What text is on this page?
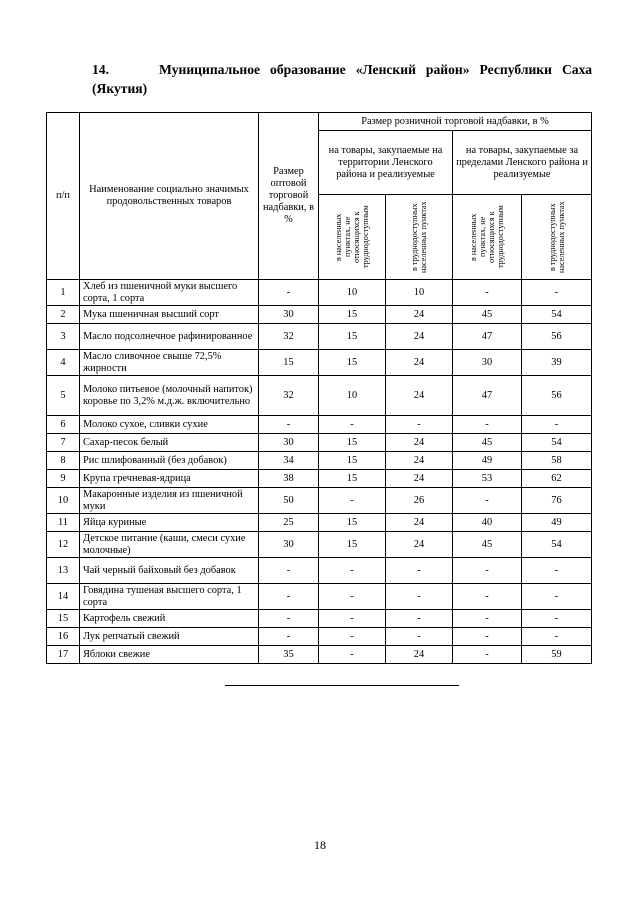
14.	Муниципальное образование «Ленский район» Республики Саха
(Якутия)
п/п	Наименование социально значимых продовольственных товаров	Размер оптовой торговой надбавки, в %	Размер розничной торговой надбавки, в %			
			на товары, закупаемые на территории Ленского района и реализуемые		на товары, закупаемые за пределами Ленского района и реализуемые	

			в населенных пунктах, не относящихся к труднодоступным	в труднодоступных населенных пунктах	в населенных пунктах, не относящихся к труднодоступным	в труднодоступных населенных пунктах

1	Хлеб из пшеничной муки высшего сорта, 1 сорта	-	10	10	-	-
2	Мука пшеничная высший сорт	30	15	24	45	54
3	Масло подсолнечное рафинированное	32	15	24	47	56
4	Масло сливочное свыше 72,5% жирности	15	15	24	30	39
5	Молоко питьевое (молочный напиток) коровье по 3,2% м.д.ж. включительно	32	10	24	47	56
6	Молоко сухое, сливки сухие	-	-	-	-	-
7	Сахар-песок белый	30	15	24	45	54
8	Рис шлифованный (без добавок)	34	15	24	49	58
9	Крупа гречневая-ядрица	38	15	24	53	62
10	Макаронные изделия из пшеничной муки	50	-	26	-	76
11	Яйца куриные	25	15	24	40	49
12	Детское питание (каши, смеси сухие молочные)	30	15	24	45	54
13	Чай черный байховый без добавок	-	-	-	-	-
14	Говядина тушеная высшего сорта, 1 сорта	-	-	-	-	-
15	Картофель свежий	-	-	-	-	-
16	Лук репчатый свежий	-	-	-	-	-
17	Яблоки свежие	35	-	24	-	59
18
